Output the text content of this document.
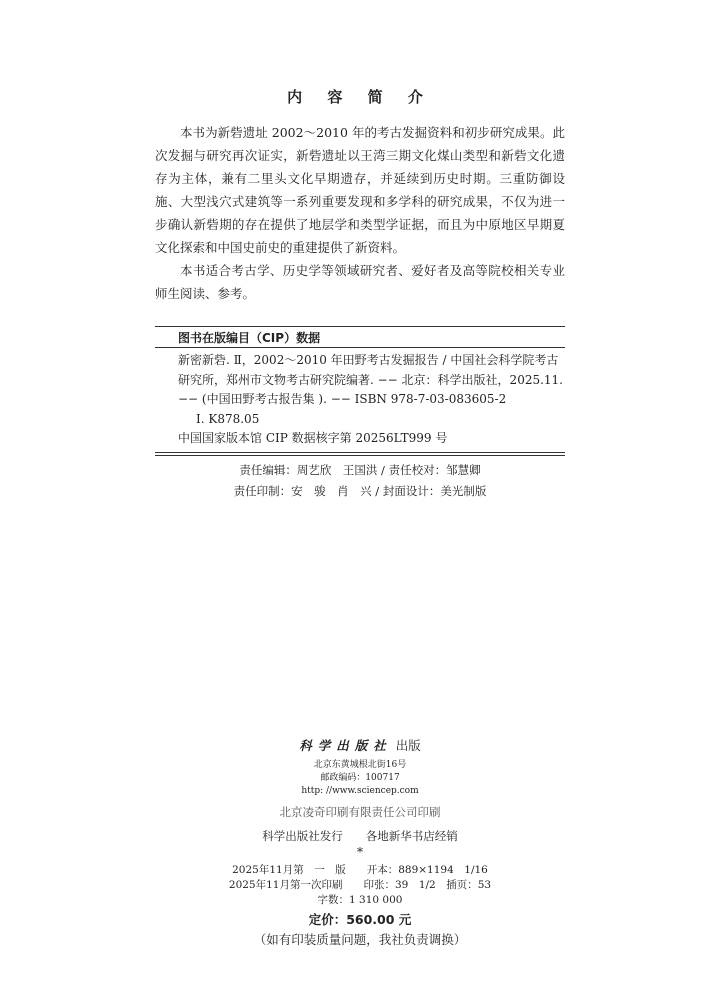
内 容 简 介

本书为新砦遗址 2002～2010 年的考古发掘资料和初步研究成果。此次发掘与研究再次证实，新砦遗址以王湾三期文化煤山类型和新砦文化遗存为主体，兼有二里头文化早期遗存，并延续到历史时期。三重防御设施、大型浅穴式建筑等一系列重要发现和多学科的研究成果，不仅为进一步确认新砦期的存在提供了地层学和类型学证据，而且为中原地区早期夏文化探索和中国史前史的重建提供了新资料。

本书适合考古学、历史学等领域研究者、爱好者及高等院校相关专业师生阅读、参考。

图书在版编目（CIP）数据
新密新砦. Ⅱ，2002～2010 年田野考古发掘报告 / 中国社会科学院考古研究所，郑州市文物考古研究院编著. −− 北京：科学出版社，2025.11. −− (中国田野考古报告集 ). −− ISBN 978-7-03-083605-2
Ⅰ. K878.05
中国国家版本馆 CIP 数据核字第 20256LT999 号
责任编辑：周艺欣　王国洪 / 责任校对：邹慧卿
责任印制：安　骏　肖　兴 / 封面设计：美光制版
科学出版社 出版
北京东黄城根北街16号
邮政编码：100717
http: //www.sciencep.com
北京凌奇印刷有限责任公司印刷
科学出版社发行　　各地新华书店经销
*
2025年11月第　一　版　　开本：889×1194　1/16
2025年11月第一次印刷　　印张：39　1/2　插页：53
字数：1 310 000
定价：560.00 元
（如有印装质量问题，我社负责调换）
